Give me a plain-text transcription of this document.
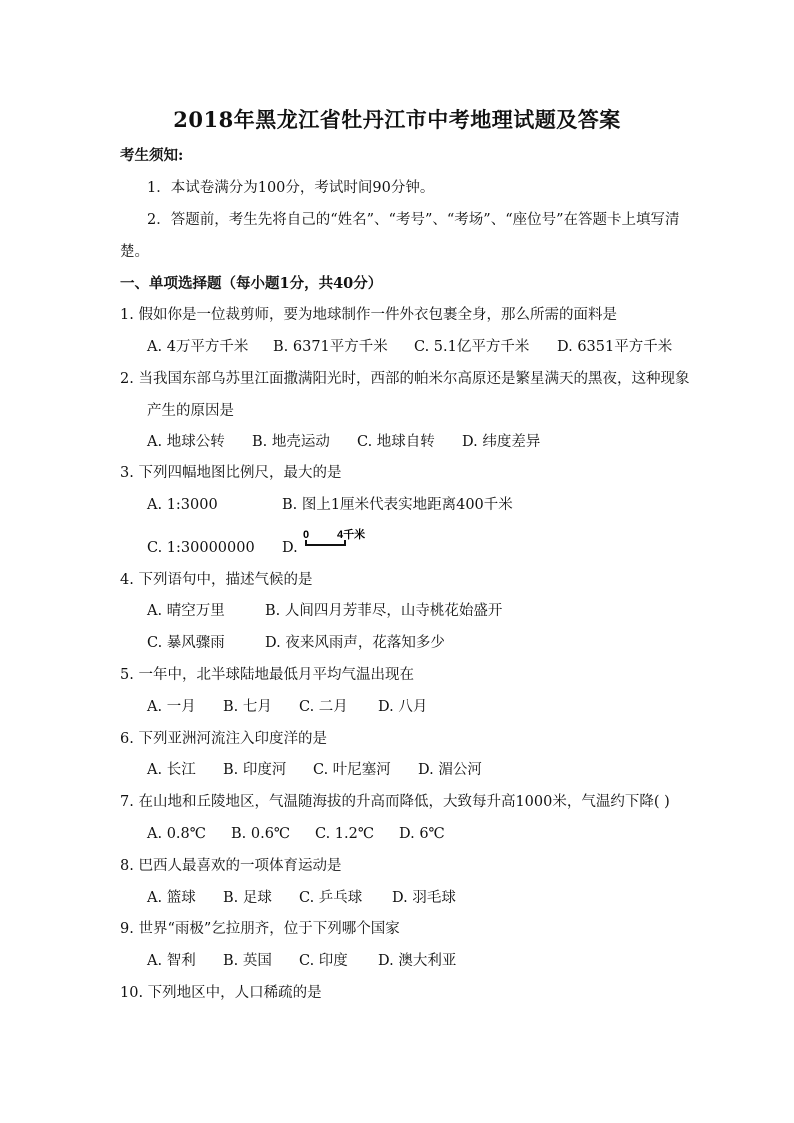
2018年黑龙江省牡丹江市中考地理试题及答案
考生须知:
1．本试卷满分为100分，考试时间90分钟。
2．答题前，考生先将自己的“姓名”、“考号”、“考场”、“座位号”在答题卡上填写清
楚。
一、单项选择题（每小题1分，共40分）
1. 假如你是一位裁剪师，要为地球制作一件外衣包裹全身，那么所需的面料是
A. 4万平方千米 B. 6371平方千米 C. 5.1亿平方千米 D. 6351平方千米
2. 当我国东部乌苏里江面撒满阳光时，西部的帕米尔高原还是繁星满天的黑夜，这种现象
产生的原因是
A. 地球公转 B. 地壳运动 C. 地球自转 D. 纬度差异
3. 下列四幅地图比例尺，最大的是
A. 1:3000	B. 图上1厘米代表实地距离400千米
C. 1:30000000 D.
0	4千米
4. 下列语句中，描述气候的是
A. 晴空万里	B. 人间四月芳菲尽，山寺桃花始盛开
C. 暴风骤雨	D. 夜来风雨声，花落知多少
5. 一年中，北半球陆地最低月平均气温出现在
A. 一月 B. 七月 C. 二月 D. 八月
6. 下列亚洲河流注入印度洋的是
A. 长江 B. 印度河 C. 叶尼塞河 D. 湄公河
7. 在山地和丘陵地区，气温随海拔的升高而降低，大致每升高1000米，气温约下降( )
A. 0.8℃ B. 0.6℃ C. 1.2℃ D. 6℃
8. 巴西人最喜欢的一项体育运动是
A. 篮球 B. 足球 C. 乒乓球 D. 羽毛球
9. 世界“雨极”乞拉朋齐，位于下列哪个国家
A. 智利 B. 英国 C. 印度 D. 澳大利亚
10. 下列地区中，人口稀疏的是
